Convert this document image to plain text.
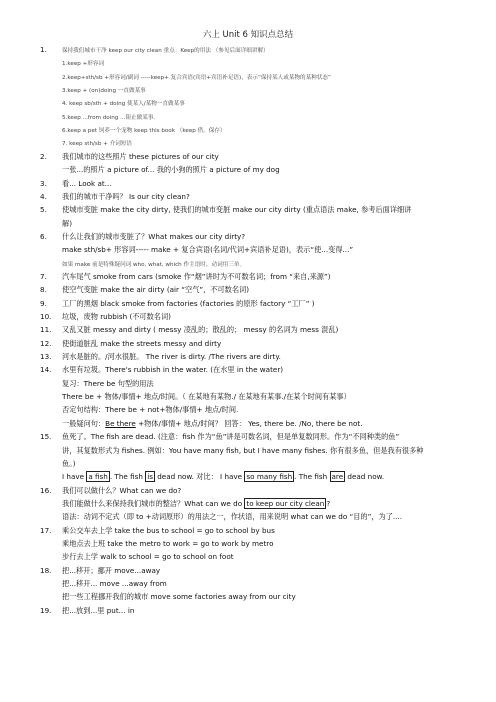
六上 Unit 6 知识点总结
1.	保持我们城市干净 keep our city clean 重点：Keep的用法 （参见后面详细讲解）
1.keep +形容词
2.keep+sth/sb +形容词/副词 -----keep+ 复合宾语(宾语+宾语补足语)，表示“保持某人或某物的某种状态”
3.keep + (on)doing 一直做某事
4. keep sb/sth + doing 使某人/某物一直做某事
5.keep ...from doing ...阻止做某事.
6.keep a pet 饲养一个宠物 keep this book （keep 借，保存）
7. keep sth/sb + 介词短语
2. 我们城市的这些照片 these pictures of our city
一张...的照片 a picture of... 我的小狗的照片 a picture of my dog
3. 看... Look at...
4. 我们的城市干净吗？ Is our city clean?
5. 使城市变脏 make the city dirty, 使我们的城市变脏 make our city dirty (重点语法 make, 参考后面详细讲
解)
6. 什么让我们的城市变脏了？What makes our city dirty?
make sth/sb+ 形容词----- make + 复合宾语(名词/代词+宾语补足语)，表示“使...变得...”
如果 make 前是特殊疑问词 who, what, which 作主语时，动词用三单。
7. 汽车尾气 smoke from cars (smoke 作“烟”讲时为不可数名词；from “来自,来源”)
8. 使空气变脏 make the air dirty (air “空气”，不可数名词)
9. 工厂的黑烟 black smoke from factories (factories 的原形 factory “工厂” )
10. 垃圾，废物 rubbish (不可数名词)
11. 又乱又脏 messy and dirty ( messy 凌乱的；散乱的； messy 的名词为 mess 混乱)
12. 使街道脏乱 make the streets messy and dirty
13. 河水是脏的。/河水很脏。 The river is dirty. /The rivers are dirty.
14. 水里有垃圾。There's rubbish in the water. (在水里 in the water)
复习：There be 句型的用法
There be + 物体/事情+ 地点/时间。（ 在某地有某物./ 在某地有某事./在某个时间有某事）
否定句结构：There be + not+物体/事情+ 地点/时间.
一般疑问句：Be there +物体/事情+ 地点/时间？ 回答： Yes, there be. /No, there be not.
15. 鱼死了。The fish are dead. (注意：fish 作为“鱼”讲是可数名词，但是单复数同形。作为“不同种类的鱼”
讲，其复数形式为 fishes. 例如：You have many fish, but I have many fishes. 你有很多鱼，但是我有很多种
鱼。)
I have a fish . The fish is dead now. 对比： I have so many fish . The fish are dead now.
16. 我们可以做什么？What can we do?
我们能做什么来保持我们城市的整洁？What can we do to keep our city clean ?
语法：动词不定式（即 to +动词原形）的用法之一，作状语，用来说明 what can we do “目的”，为了....
17. 乘公交车去上学 take the bus to school = go to school by bus
乘地点去上班 take the metro to work = go to work by metro
步行去上学 walk to school = go to school on foot
18. 把...移开；挪开 move...away
把...移开... move ...away from
把一些工程挪开我们的城市 move some factories away from our city
19. 把...放到...里 put... in
